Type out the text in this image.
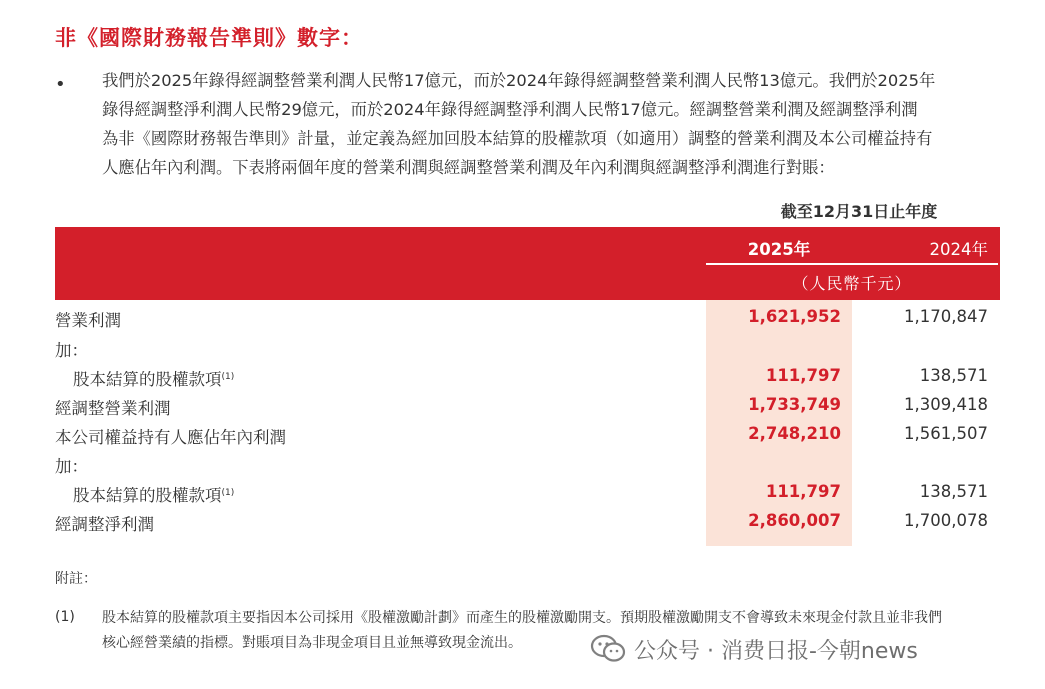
非《國際財務報告準則》數字：
• 我們於2025年錄得經調整營業利潤人民幣17億元，而於2024年錄得經調整營業利潤人民幣13億元。我們於2025年
錄得經調整淨利潤人民幣29億元，而於2024年錄得經調整淨利潤人民幣17億元。經調整營業利潤及經調整淨利潤
為非《國際財務報告準則》計量，並定義為經加回股本結算的股權款項（如適用）調整的營業利潤及本公司權益持有
人應佔年內利潤。下表將兩個年度的營業利潤與經調整營業利潤及年內利潤與經調整淨利潤進行對賬：
截至12月31日止年度
2025年	2024年
（人民幣千元）
營業利潤	1,621,952	1,170,847
加：
股本結算的股權款項$^{(1)}$	111,797	138,571
經調整營業利潤	1,733,749	1,309,418
本公司權益持有人應佔年內利潤	2,748,210	1,561,507
加：
股本結算的股權款項$^{(1)}$	111,797	138,571
經調整淨利潤	2,860,007	1,700,078
附註：
(1) 股本結算的股權款項主要指因本公司採用《股權激勵計劃》而產生的股權激勵開支。預期股權激勵開支不會導致未來現金付款且並非我們
核心經營業績的指標。對賬項目為非現金項目且並無導致現金流出。	公众号 · 消费日报-今朝news
